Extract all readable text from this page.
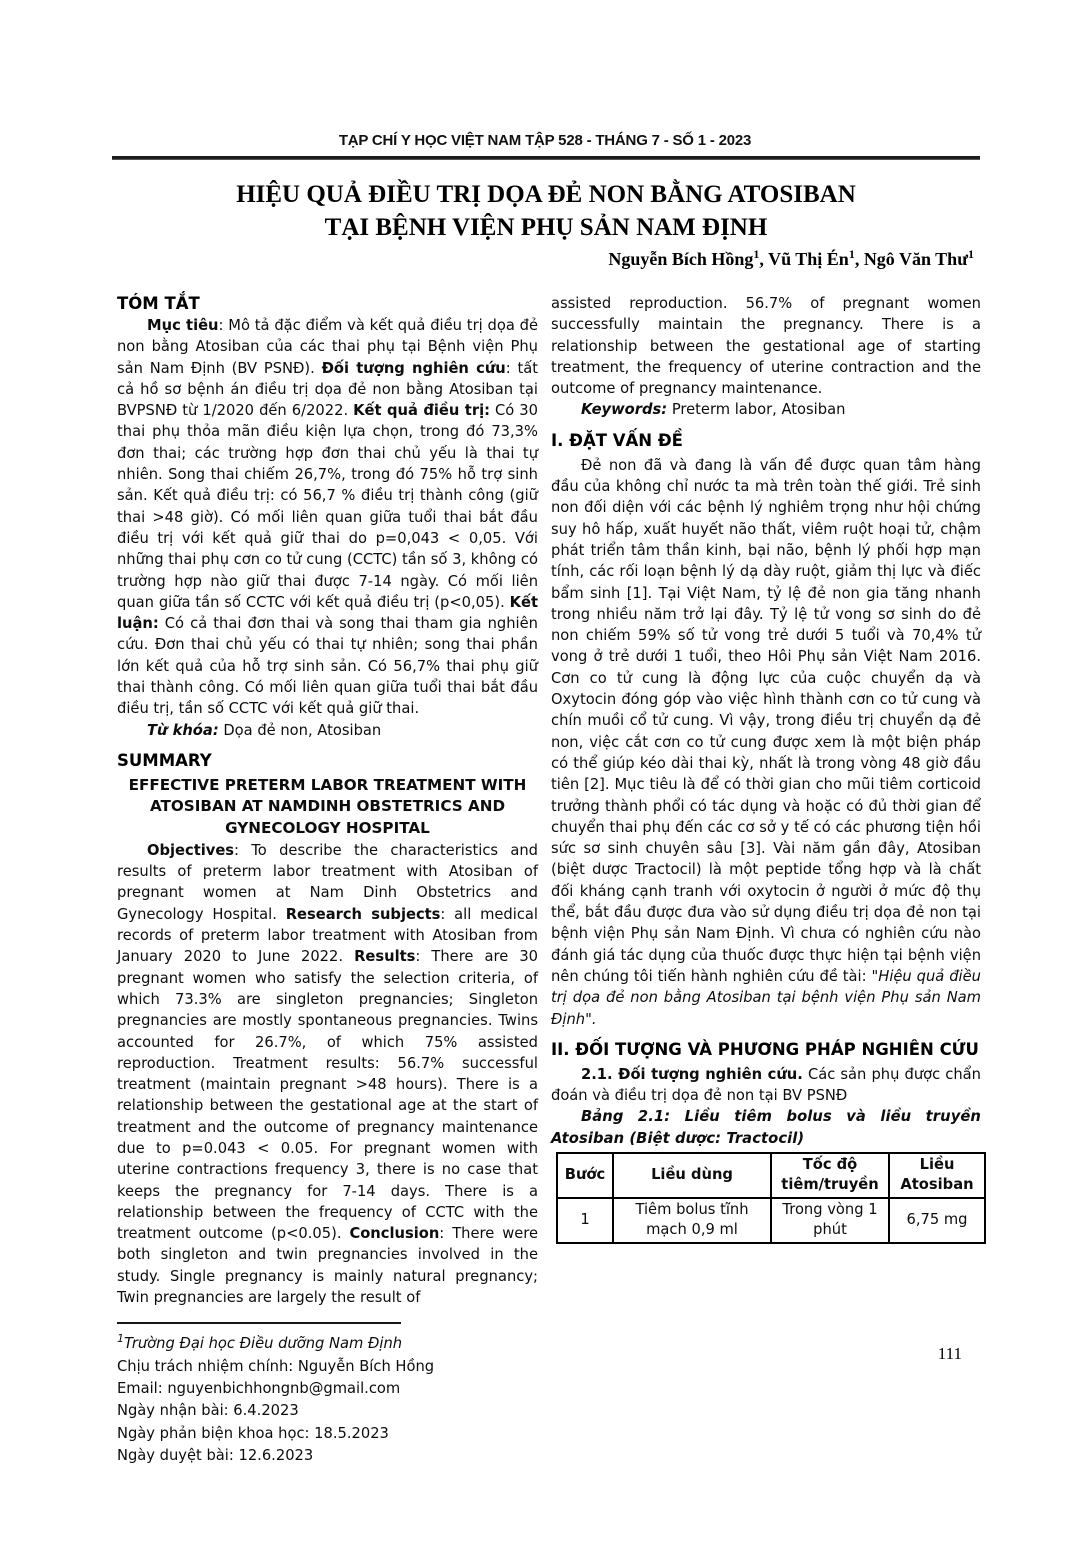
TẠP CHÍ Y HỌC VIỆT NAM TẬP 528 - THÁNG 7 - SỐ 1 - 2023
HIỆU QUẢ ĐIỀU TRỊ DỌA ĐẺ NON BẰNG ATOSIBAN
TẠI BỆNH VIỆN PHỤ SẢN NAM ĐỊNH
Nguyễn Bích Hồng$^1$, Vũ Thị $Én^1$, Ngô Văn Thư$^1$
TÓM TẮT

Mục tiêu: Mô tả đặc điểm và kết quả điều trị dọa đẻ non bằng Atosiban của các thai phụ tại Bệnh viện Phụ sản Nam Định (BV PSNĐ). Đối tượng nghiên cứu: tất cả hồ sơ bệnh án điều trị dọa đẻ non bằng Atosiban tại BVPSNĐ từ 1/2020 đến 6/2022. Kết quả điều trị: Có 30 thai phụ thỏa mãn điều kiện lựa chọn, trong đó 73,3% đơn thai; các trường hợp đơn thai chủ yếu là thai tự nhiên. Song thai chiếm 26,7%, trong đó 75% hỗ trợ sinh sản. Kết quả điều trị: có 56,7 % điều trị thành công (giữ thai >48 giờ). Có mối liên quan giữa tuổi thai bắt đầu điều trị với kết quả giữ thai do p=0,043 < 0,05. Với những thai phụ cơn co tử cung (CCTC) tần số 3, không có trường hợp nào giữ thai được 7-14 ngày. Có mối liên quan giữa tần số CCTC với kết quả điều trị (p<0,05). Kết luận: Có cả thai đơn thai và song thai tham gia nghiên cứu. Đơn thai chủ yếu có thai tự nhiên; song thai phần lớn kết quả của hỗ trợ sinh sản. Có 56,7% thai phụ giữ thai thành công. Có mối liên quan giữa tuổi thai bắt đầu điều trị, tần số CCTC với kết quả giữ thai.

Từ khóa: Dọa đẻ non, Atosiban

SUMMARY
EFFECTIVE PRETERM LABOR TREATMENT WITH ATOSIBAN AT NAMDINH OBSTETRICS AND GYNECOLOGY HOSPITAL

Objectives: To describe the characteristics and results of preterm labor treatment with Atosiban of pregnant women at Nam Dinh Obstetrics and Gynecology Hospital. Research subjects: all medical records of preterm labor treatment with Atosiban from January 2020 to June 2022. Results: There are 30 pregnant women who satisfy the selection criteria, of which 73.3% are singleton pregnancies; Singleton pregnancies are mostly spontaneous pregnancies. Twins accounted for 26.7%, of which 75% assisted reproduction. Treatment results: 56.7% successful treatment (maintain pregnant >48 hours). There is a relationship between the gestational age at the start of treatment and the outcome of pregnancy maintenance due to p=0.043 < 0.05. For pregnant women with uterine contractions frequency 3, there is no case that keeps the pregnancy for 7-14 days. There is a relationship between the frequency of CCTC with the treatment outcome (p<0.05). Conclusion: There were both singleton and twin pregnancies involved in the study. Single pregnancy is mainly natural pregnancy; Twin pregnancies are largely the result of

$^1$Trường Đại học Điều dưỡng Nam Định
Chịu trách nhiệm chính: Nguyễn Bích Hồng
Email: nguyenbichhongnb@gmail.com
Ngày nhận bài: 6.4.2023
Ngày phản biện khoa học: 18.5.2023
Ngày duyệt bài: 12.6.2023

assisted reproduction. 56.7% of pregnant women successfully maintain the pregnancy. There is a relationship between the gestational age of starting treatment, the frequency of uterine contraction and the outcome of pregnancy maintenance.

Keywords: Preterm labor, Atosiban

I. ĐẶT VẤN ĐỀ

Đẻ non đã và đang là vấn đề được quan tâm hàng đầu của không chỉ nước ta mà trên toàn thế giới. Trẻ sinh non đối diện với các bệnh lý nghiêm trọng như hội chứng suy hô hấp, xuất huyết não thất, viêm ruột hoại tử, chậm phát triển tâm thần kinh, bại não, bệnh lý phối hợp mạn tính, các rối loạn bệnh lý dạ dày ruột, giảm thị lực và điếc bẩm sinh [1]. Tại Việt Nam, tỷ lệ đẻ non gia tăng nhanh trong nhiều năm trở lại đây. Tỷ lệ tử vong sơ sinh do đẻ non chiếm 59% số tử vong trẻ dưới 5 tuổi và 70,4% tử vong ở trẻ dưới 1 tuổi, theo Hôi Phụ sản Việt Nam 2016. Cơn co tử cung là động lực của cuộc chuyển dạ và Oxytocin đóng góp vào việc hình thành cơn co tử cung và chín muồi cổ tử cung. Vì vậy, trong điều trị chuyển dạ đẻ non, việc cắt cơn co tử cung được xem là một biện pháp có thể giúp kéo dài thai kỳ, nhất là trong vòng 48 giờ đầu tiên [2]. Mục tiêu là để có thời gian cho mũi tiêm corticoid trưởng thành phổi có tác dụng và hoặc có đủ thời gian để chuyển thai phụ đến các cơ sở y tế có các phương tiện hồi sức sơ sinh chuyên sâu [3]. Vài năm gần đây, Atosiban (biệt dược Tractocil) là một peptide tổng hợp và là chất đối kháng cạnh tranh với oxytocin ở người ở mức độ thụ thể, bắt đầu được đưa vào sử dụng điều trị dọa đẻ non tại bệnh viện Phụ sản Nam Định. Vì chưa có nghiên cứu nào đánh giá tác dụng của thuốc được thực hiện tại bệnh viện nên chúng tôi tiến hành nghiên cứu đề tài: "Hiệu quả điều trị dọa đẻ non bằng Atosiban tại bệnh viện Phụ sản Nam Định".

II. ĐỐI TƯỢNG VÀ PHƯƠNG PHÁP NGHIÊN CỨU

2.1. Đối tượng nghiên cứu. Các sản phụ được chẩn đoán và điều trị dọa đẻ non tại BV PSNĐ

Bảng 2.1: Liều tiêm bolus và liều truyền Atosiban (Biệt dược: Tractocil)

Bước	Liều dùng	Tốc độ tiêm/truyền	Liều Atosiban
1	Tiêm bolus tĩnh mạch 0,9 ml	Trong vòng 1 phút	6,75 mg
111
